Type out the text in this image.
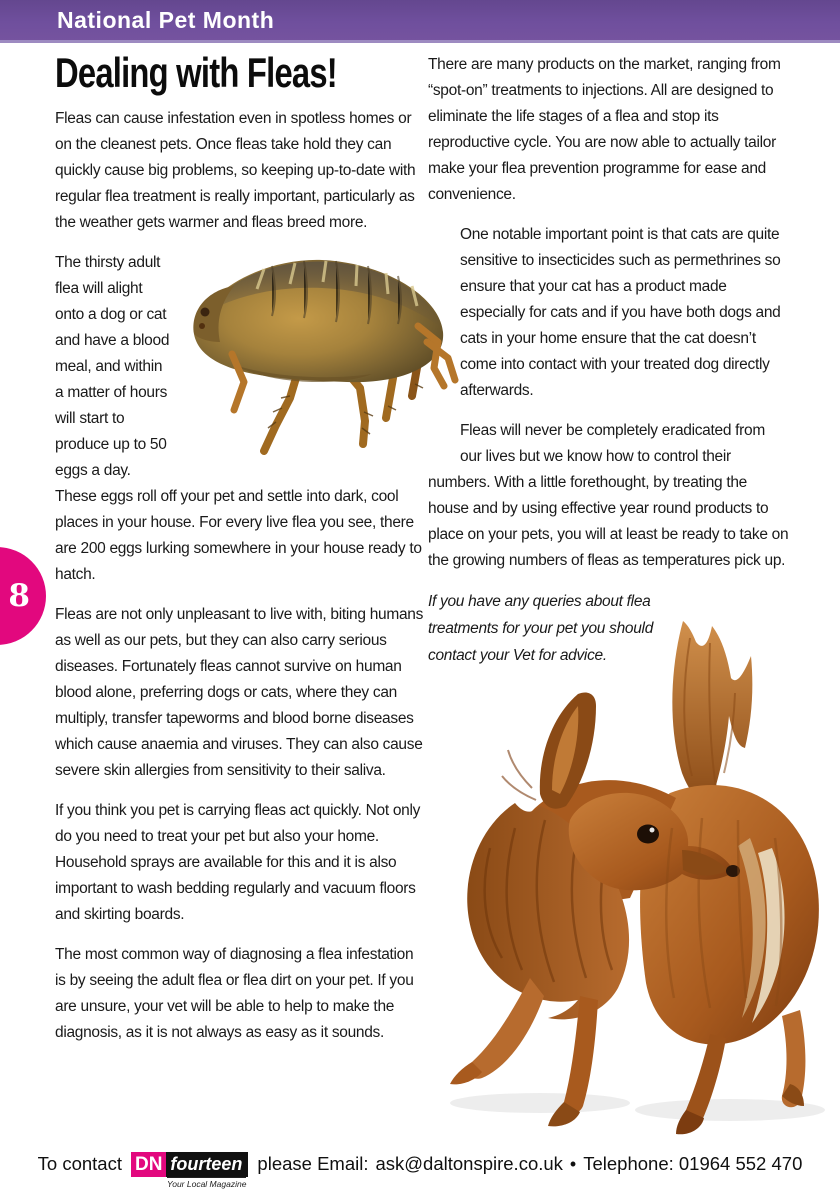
National Pet Month
Dealing with Fleas!

Fleas can cause infestation even in spotless homes or on the cleanest pets. Once fleas take hold they can quickly cause big problems, so keeping up-to-date with regular flea treatment is really important, particularly as the weather gets warmer and fleas breed more.

The thirsty adult flea will alight onto a dog or cat and have a blood meal, and within a matter of hours will start to produce up to 50 eggs a day. These eggs roll off your pet and settle into dark, cool places in your house. For every live flea you see, there are 200 eggs lurking somewhere in your house ready to hatch.

Fleas are not only unpleasant to live with, biting humans as well as our pets, but they can also carry serious diseases. Fortunately fleas cannot survive on human blood alone, preferring dogs or cats, where they can multiply, transfer tapeworms and blood borne diseases which cause anaemia and viruses. They can also cause severe skin allergies from sensitivity to their saliva.

If you think you pet is carrying fleas act quickly. Not only do you need to treat your pet but also your home. Household sprays are available for this and it is also important to wash bedding regularly and vacuum floors and skirting boards.

The most common way of diagnosing a flea infestation is by seeing the adult flea or flea dirt on your pet. If you are unsure, your vet will be able to help to make the diagnosis, as it is not always as easy as it sounds.

There are many products on the market, ranging from “spot-on” treatments to injections. All are designed to eliminate the life stages of a flea and stop its reproductive cycle. You are now able to actually tailor make your flea prevention programme for ease and convenience.

One notable important point is that cats are quite sensitive to insecticides such as permethrines so ensure that your cat has a product made especially for cats and if you have both dogs and cats in your home ensure that the cat doesn’t come into contact with your treated dog directly afterwards.

Fleas will never be completely eradicated from our lives but we know how to control their numbers. With a little forethought, by treating the house and by using effective year round products to place on your pets, you will at least be ready to take on the growing numbers of fleas as temperatures pick up.

If you have any queries about flea treatments for your pet you should contact your Vet for advice.

8
To contact DN fourteen
Your Local Magazine
please Email: ask@daltonspire.co.uk • Telephone: 01964 552 470
